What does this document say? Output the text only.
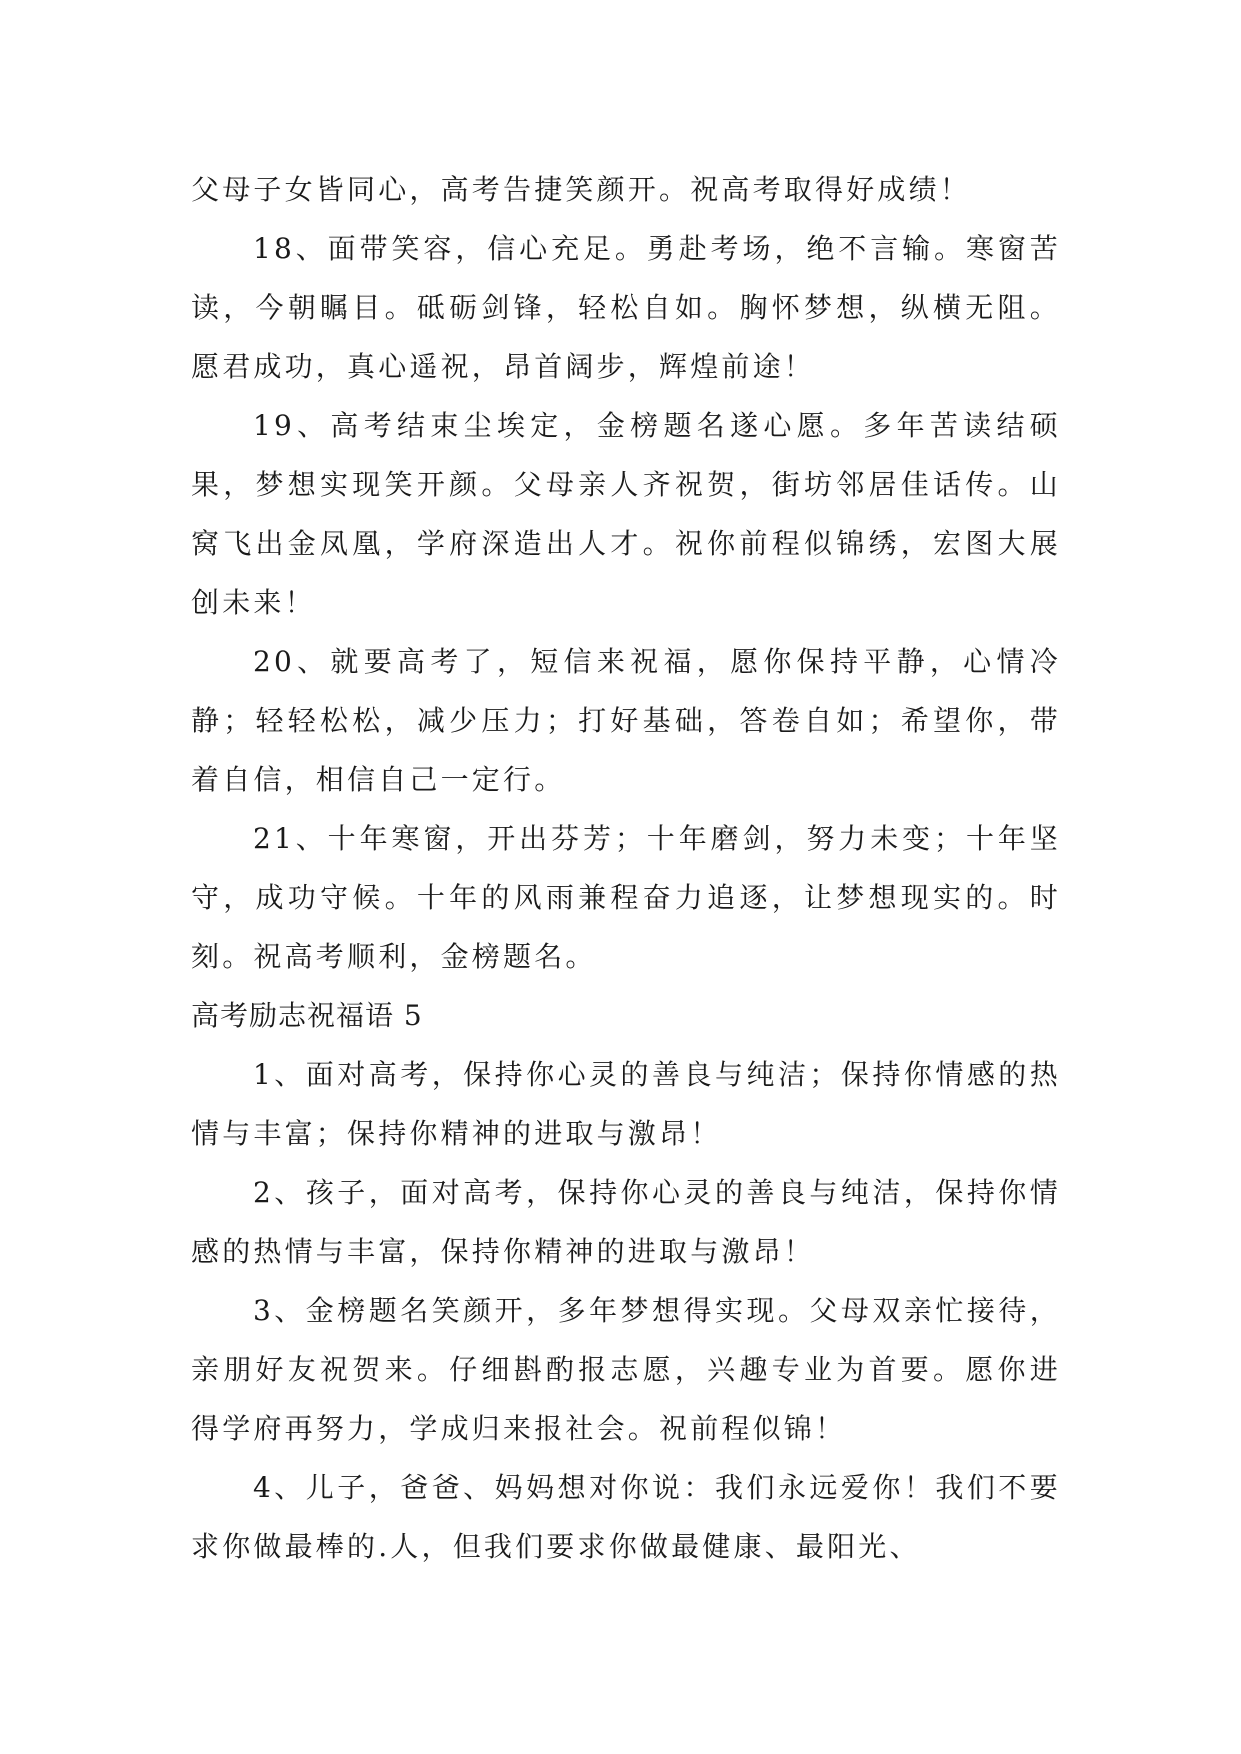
父母子女皆同心，高考告捷笑颜开。祝高考取得好成绩！

18、面带笑容，信心充足。勇赴考场，绝不言输。寒窗苦读，今朝瞩目。砥砺剑锋，轻松自如。胸怀梦想，纵横无阻。愿君成功，真心遥祝，昂首阔步，辉煌前途！

19、高考结束尘埃定，金榜题名遂心愿。多年苦读结硕果，梦想实现笑开颜。父母亲人齐祝贺，街坊邻居佳话传。山窝飞出金凤凰，学府深造出人才。祝你前程似锦绣，宏图大展创未来！

20、就要高考了，短信来祝福，愿你保持平静，心情冷静；轻轻松松，减少压力；打好基础，答卷自如；希望你，带着自信，相信自己一定行。

21、十年寒窗，开出芬芳；十年磨剑，努力未变；十年坚守，成功守候。十年的风雨兼程奋力追逐，让梦想现实的。时刻。祝高考顺利，金榜题名。

高考励志祝福语 5

1、面对高考，保持你心灵的善良与纯洁；保持你情感的热情与丰富；保持你精神的进取与激昂！

2、孩子，面对高考，保持你心灵的善良与纯洁，保持你情感的热情与丰富，保持你精神的进取与激昂！

3、金榜题名笑颜开，多年梦想得实现。父母双亲忙接待，亲朋好友祝贺来。仔细斟酌报志愿，兴趣专业为首要。愿你进得学府再努力，学成归来报社会。祝前程似锦！

4、儿子，爸爸、妈妈想对你说：我们永远爱你！我们不要求你做最棒的.人，但我们要求你做最健康、最阳光、
